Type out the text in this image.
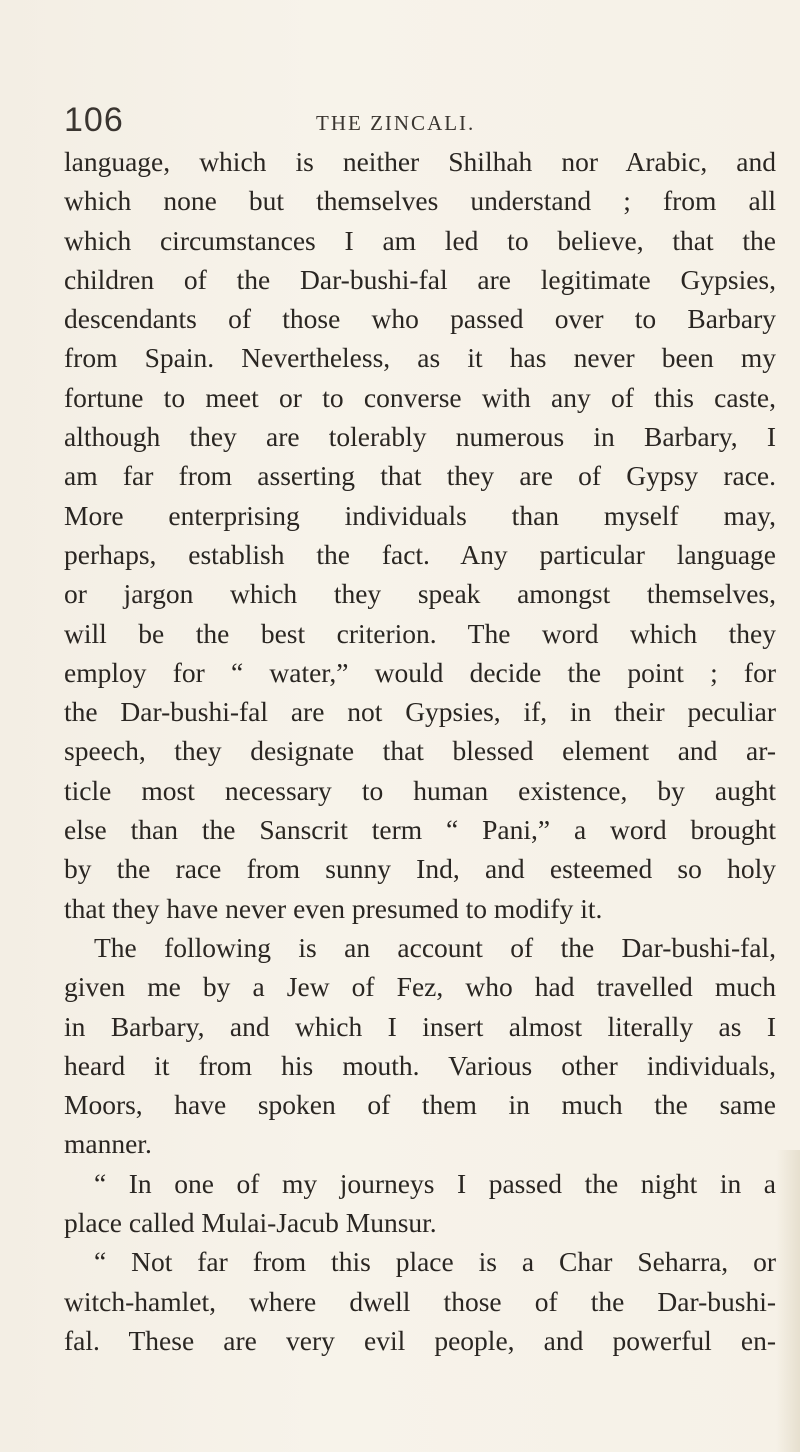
106	THE ZINCALI.
language, which is neither Shilhah nor Arabic, and
which none but themselves understand ; from all
which circumstances I am led to believe, that the
children of the Dar-bushi-fal are legitimate Gypsies,
descendants of those who passed over to Barbary
from Spain. Nevertheless, as it has never been my
fortune to meet or to converse with any of this caste,
although they are tolerably numerous in Barbary, I
am far from asserting that they are of Gypsy race.
More enterprising individuals than myself may,
perhaps, establish the fact. Any particular language
or jargon which they speak amongst themselves,
will be the best criterion. The word which they
employ for “ water,” would decide the point ; for
the Dar-bushi-fal are not Gypsies, if, in their peculiar
speech, they designate that blessed element and ar-
ticle most necessary to human existence, by aught
else than the Sanscrit term “ Pani,” a word brought
by the race from sunny Ind, and esteemed so holy
that they have never even presumed to modify it.
The following is an account of the Dar-bushi-fal,
given me by a Jew of Fez, who had travelled much
in Barbary, and which I insert almost literally as I
heard it from his mouth. Various other individuals,
Moors, have spoken of them in much the same
manner.
“ In one of my journeys I passed the night in a
place called Mulai-Jacub Munsur.
“ Not far from this place is a Char Seharra, or
witch-hamlet, where dwell those of the Dar-bushi-
fal. These are very evil people, and powerful en-
